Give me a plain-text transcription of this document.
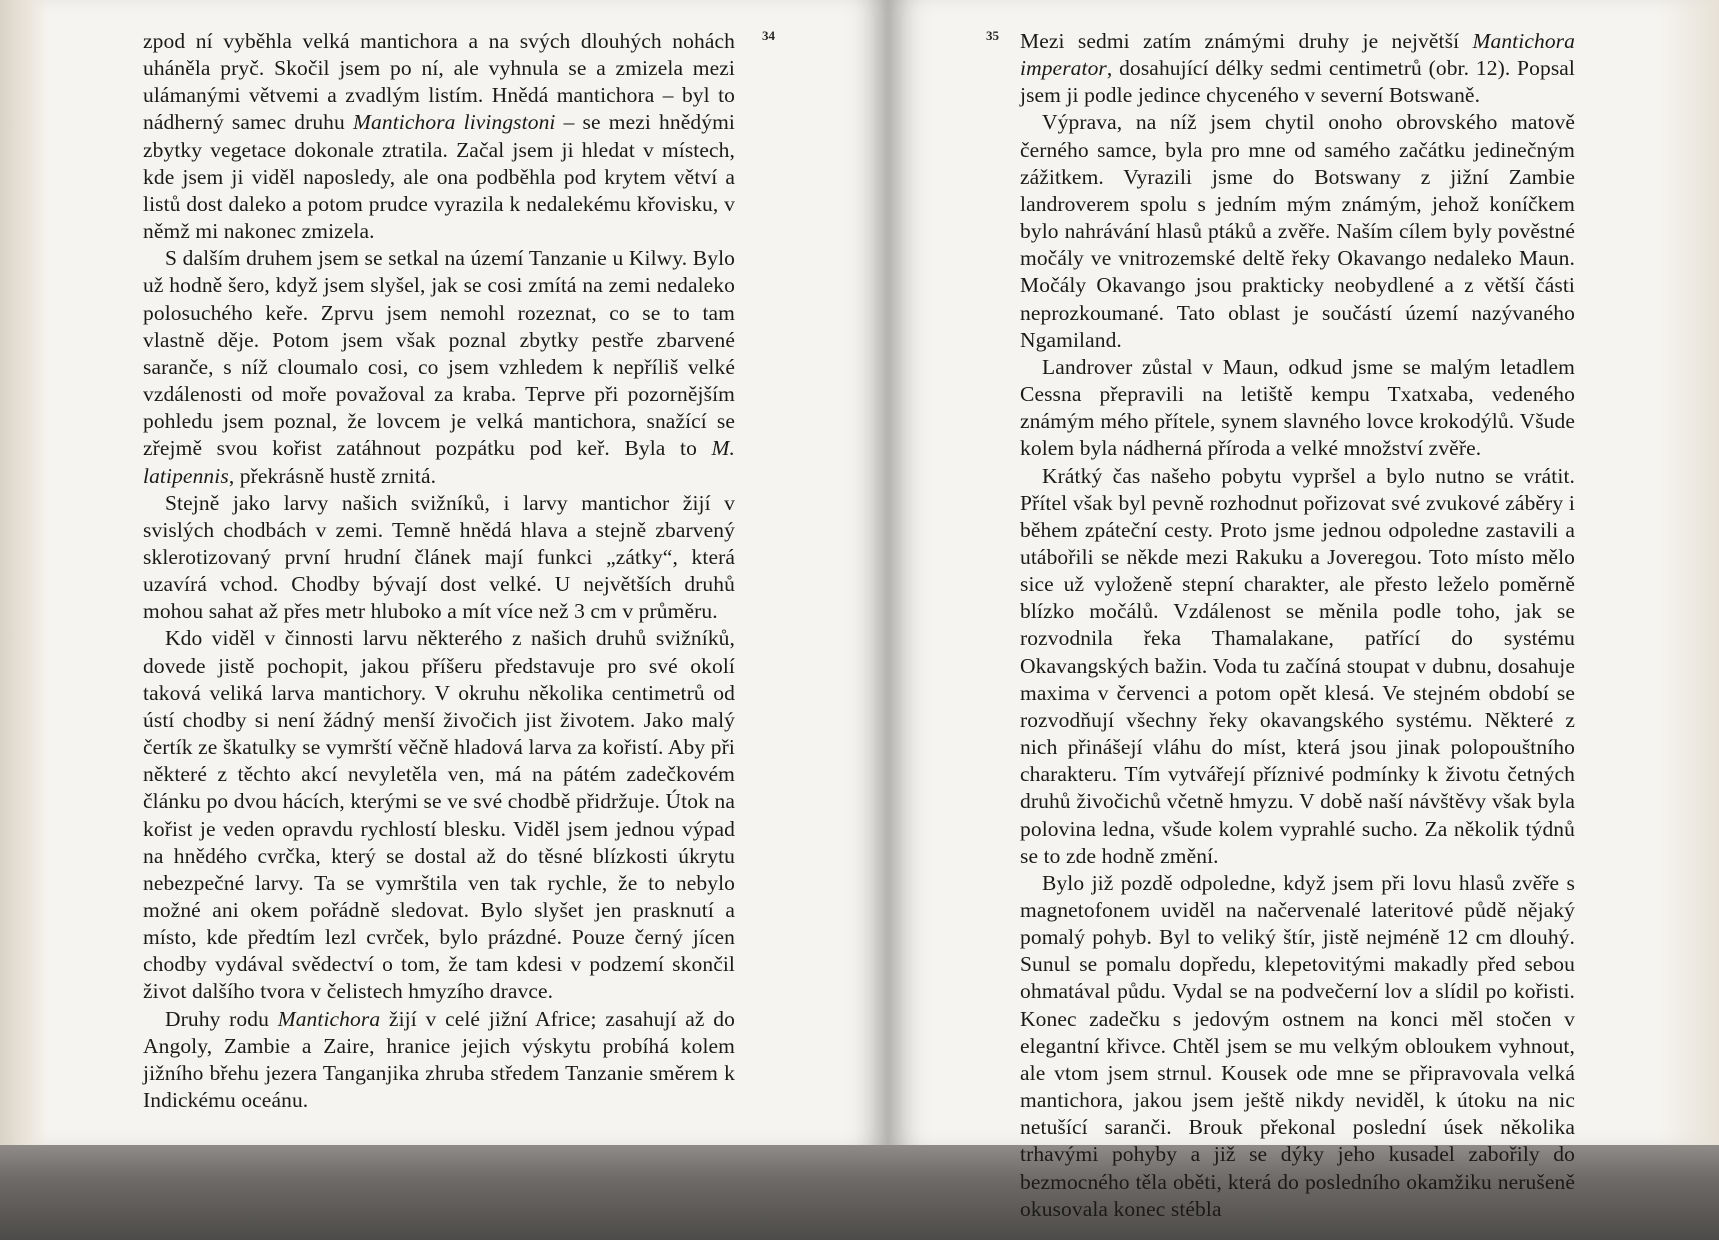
34

zpod ní vyběhla velká mantichora a na svých dlouhých nohách uháněla pryč. Skočil jsem po ní, ale vyhnula se a zmizela mezi ulámanými větvemi a zvadlým listím. Hnědá mantichora – byl to nádherný samec druhu Mantichora livingstoni – se mezi hnědými zbytky vegetace dokonale ztratila. Začal jsem ji hledat v místech, kde jsem ji viděl naposledy, ale ona podběhla pod krytem větví a listů dost daleko a potom prudce vyrazila k nedalekému křovisku, v němž mi nakonec zmizela.

S dalším druhem jsem se setkal na území Tanzanie u Kilwy. Bylo už hodně šero, když jsem slyšel, jak se cosi zmítá na zemi nedaleko polosuchého keře. Zprvu jsem nemohl rozeznat, co se to tam vlastně děje. Potom jsem však poznal zbytky pestře zbarvené sarančе, s níž cloumalo cosi, co jsem vzhledem k nepříliš velké vzdálenosti od moře považoval za kraba. Teprve při pozornějším pohledu jsem poznal, že lovcem je velká mantichora, snažící se zřejmě svou kořist zatáhnout pozpátku pod keř. Byla to M. latipennis, překrásně hustě zrnitá.

Stejně jako larvy našich svižníků, i larvy mantichor žijí v svislých chodbách v zemi. Temně hnědá hlava a stejně zbarvený sklerotizovaný první hrudní článek mají funkci „zátky“, která uzavírá vchod. Chodby bývají dost velké. U největších druhů mohou sahat až přes metr hluboko a mít více než 3 cm v průměru.

Kdo viděl v činnosti larvu některého z našich druhů svižníků, dovede jistě pochopit, jakou příšeru představuje pro své okolí taková veliká larva mantichory. V okruhu několika centimetrů od ústí chodby si není žádný menší živočich jist životem. Jako malý čertík ze škatulky se vymrští věčně hladová larva za kořistí. Aby při některé z těchto akcí nevyletěla ven, má na pátém zadečkovém článku po dvou hácích, kterými se ve své chodbě přidržuje. Útok na kořist je veden opravdu rychlostí blesku. Viděl jsem jednou výpad na hnědého cvrčka, který se dostal až do těsné blízkosti úkrytu nebezpečné larvy. Ta se vymrštila ven tak rychle, že to nebylo možné ani okem pořádně sledovat. Bylo slyšet jen prasknutí a místo, kde předtím lezl cvrček, bylo prázdné. Pouze černý jícen chodby vydával svědectví o tom, že tam kdesi v podzemí skončil život dalšího tvora v čelistech hmyzího dravce.

Druhy rodu Mantichora žijí v celé jižní Africe; zasahují až do Angoly, Zambie a Zaire, hranice jejich výskytu probíhá kolem jižního břehu jezera Tanganjika zhruba středem Tanzanie směrem k Indickému oceánu.

35 Mezi sedmi zatím známými druhy je největší Mantichora imperator, dosahující délky sedmi centimetrů (obr. 12). Popsal jsem ji podle jedince chyceného v severní Botswaně.

Výprava, na níž jsem chytil onoho obrovského matově černého samce, byla pro mne od samého začátku jedinečným zážitkem. Vyrazili jsme do Botswany z jižní Zambie landroverem spolu s jedním mým známým, jehož koníčkem bylo nahrávání hlasů ptáků a zvěře. Naším cílem byly pověstné močály ve vnitrozemské deltě řeky Okavango nedaleko Maun. Močály Okavango jsou prakticky neobydlené a z větší části neprozkoumané. Tato oblast je součástí území nazývaného Ngamiland.

Landrover zůstal v Maun, odkud jsme se malým letadlem Cessna přepravili na letiště kempu Txatxaba, vedeného známým mého přítele, synem slavného lovce krokodýlů. Všude kolem byla nádherná příroda a velké množství zvěře.

Krátký čas našeho pobytu vypršel a bylo nutno se vrátit. Přítel však byl pevně rozhodnut pořizovat své zvukové záběry i během zpáteční cesty. Proto jsme jednou odpoledne zastavili a utábořili se někde mezi Rakuku a Joveregou. Toto místo mělo sice už vyloženě stepní charakter, ale přesto leželo poměrně blízko močálů. Vzdálenost se měnila podle toho, jak se rozvodnila řeka Thamalakane, patřící do systému Okavangských bažin. Voda tu začíná stoupat v dubnu, dosahuje maxima v červenci a potom opět klesá. Ve stejném období se rozvodňují všechny řeky okavangského systému. Některé z nich přinášejí vláhu do míst, která jsou jinak polopouštního charakteru. Tím vytvářejí příznivé podmínky k životu četných druhů živočichů včetně hmyzu. V době naší návštěvy však byla polovina ledna, všude kolem vyprahlé sucho. Za několik týdnů se to zde hodně změní.

Bylo již pozdě odpoledne, když jsem při lovu hlasů zvěře s magnetofonem uviděl na načervenalé lateritové půdě nějaký pomalý pohyb. Byl to veliký štír, jistě nejméně 12 cm dlouhý. Sunul se pomalu dopředu, klepetovitými makadly před sebou ohmatával půdu. Vydal se na podvečerní lov a slídil po kořisti. Konec zadečku s jedovým ostnem na konci měl stočen v elegantní křivce. Chtěl jsem se mu velkým obloukem vyhnout, ale vtom jsem strnul. Kousek ode mne se připravovala velká mantichora, jakou jsem ještě nikdy neviděl, k útoku na nic netušící saranči. Brouk překonal poslední úsek několika trhavými pohyby a již se dýky jeho kusadel zabořily do bezmocného těla oběti, která do posledního okamžiku nerušeně okusovala konec stébla
